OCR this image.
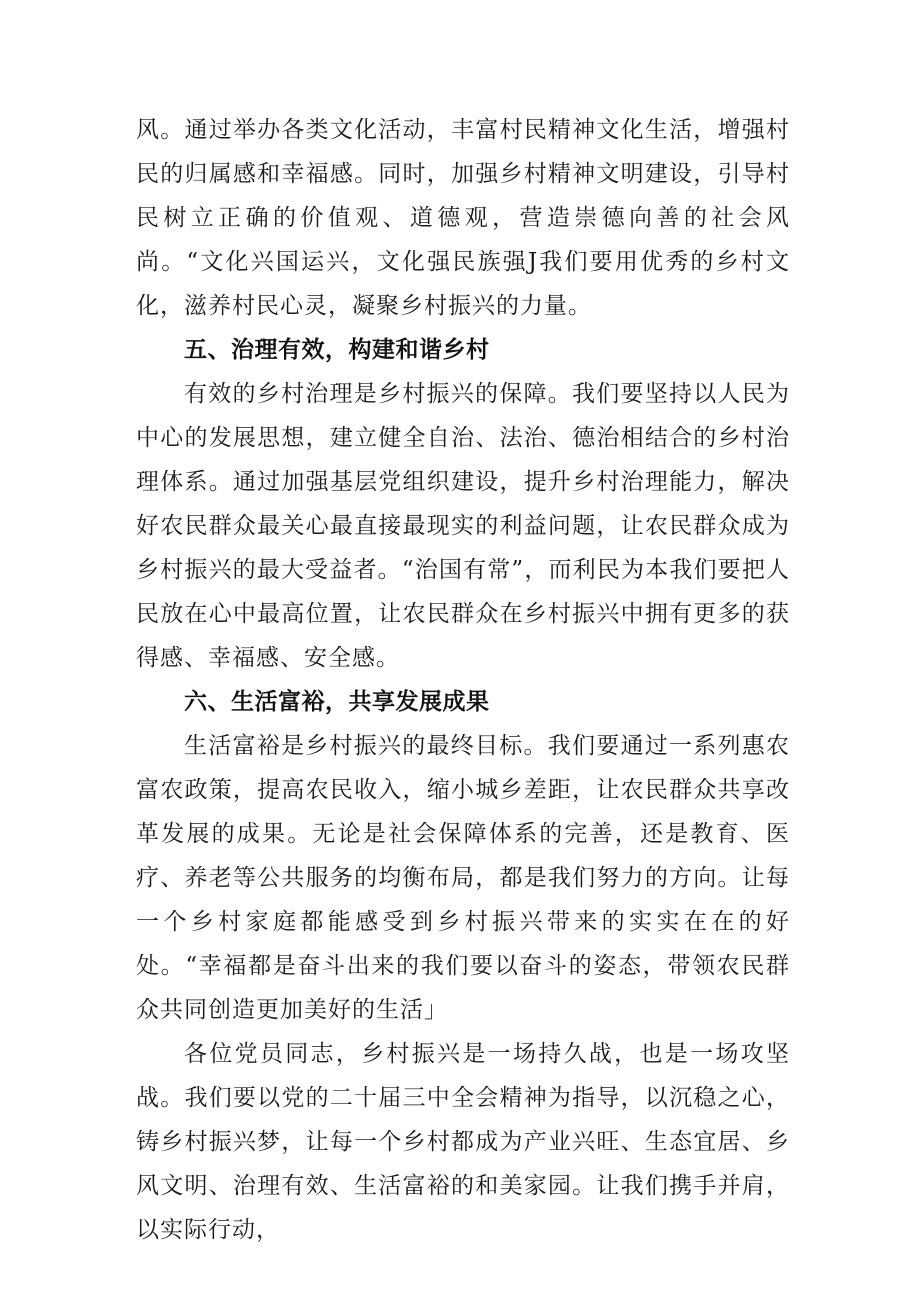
风。通过举办各类文化活动，丰富村民精神文化生活，增强村民的归属感和幸福感。同时，加强乡村精神文明建设，引导村民树立正确的价值观、道德观，营造崇德向善的社会风尚。“文化兴国运兴，文化强民族强J我们要用优秀的乡村文化，滋养村民心灵，凝聚乡村振兴的力量。

五、治理有效，构建和谐乡村

有效的乡村治理是乡村振兴的保障。我们要坚持以人民为中心的发展思想，建立健全自治、法治、德治相结合的乡村治理体系。通过加强基层党组织建设，提升乡村治理能力，解决好农民群众最关心最直接最现实的利益问题，让农民群众成为乡村振兴的最大受益者。“治国有常”，而利民为本我们要把人民放在心中最高位置，让农民群众在乡村振兴中拥有更多的获得感、幸福感、安全感。

六、生活富裕，共享发展成果

生活富裕是乡村振兴的最终目标。我们要通过一系列惠农富农政策，提高农民收入，缩小城乡差距，让农民群众共享改革发展的成果。无论是社会保障体系的完善，还是教育、医疗、养老等公共服务的均衡布局，都是我们努力的方向。让每一个乡村家庭都能感受到乡村振兴带来的实实在在的好处。“幸福都是奋斗出来的我们要以奋斗的姿态，带领农民群众共同创造更加美好的生活」

各位党员同志，乡村振兴是一场持久战，也是一场攻坚战。我们要以党的二十届三中全会精神为指导，以沉稳之心，铸乡村振兴梦，让每一个乡村都成为产业兴旺、生态宜居、乡风文明、治理有效、生活富裕的和美家园。让我们携手并肩，以实际行动，
